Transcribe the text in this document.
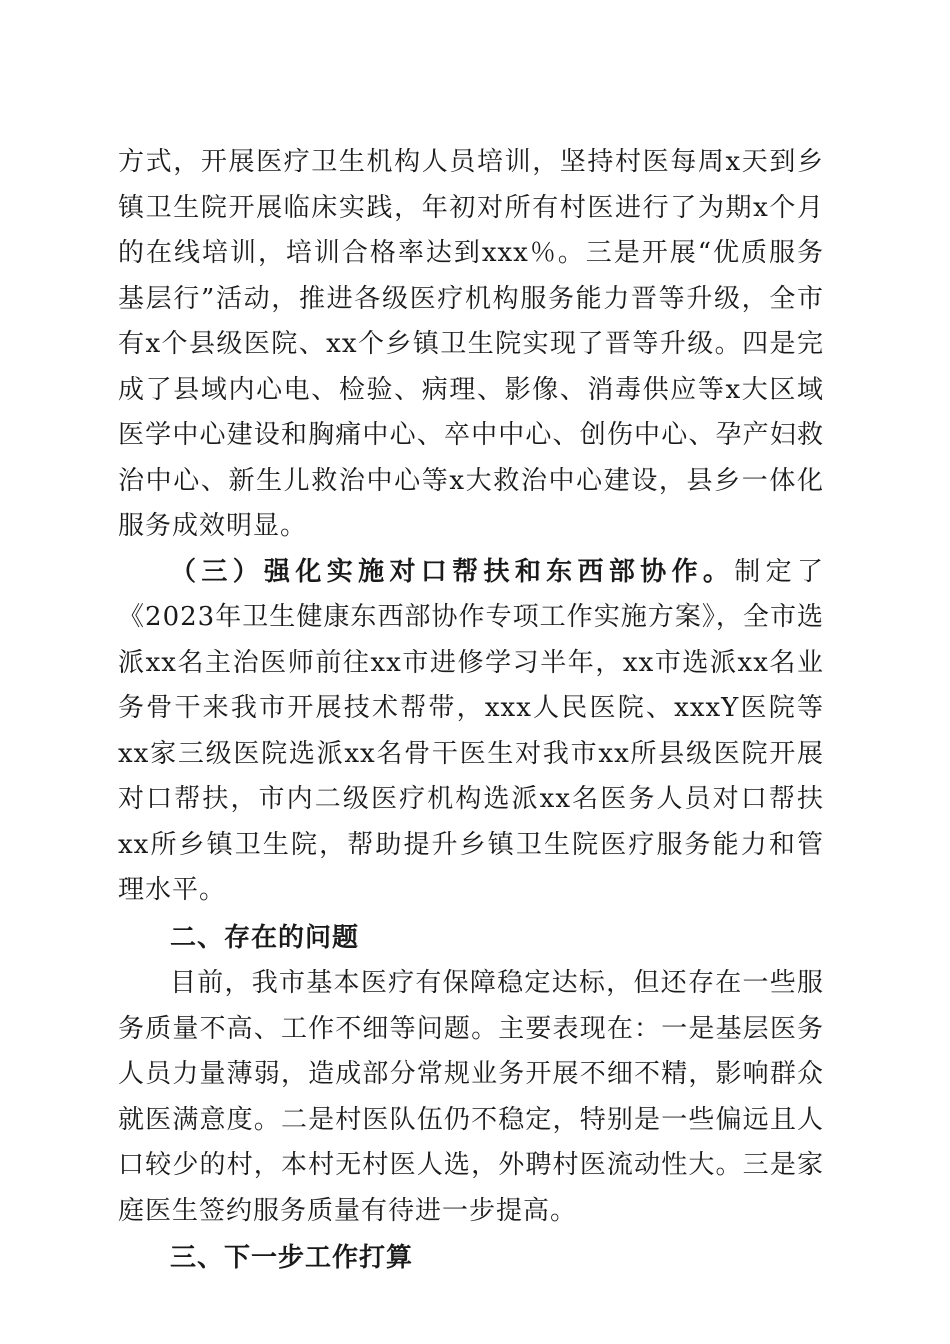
方式，开展医疗卫生机构人员培训，坚持村医每周x天到乡镇卫生院开展临床实践，年初对所有村医进行了为期x个月的在线培训，培训合格率达到xxx％。三是开展“优质服务基层行”活动，推进各级医疗机构服务能力晋等升级，全市有x个县级医院、xx个乡镇卫生院实现了晋等升级。四是完成了县域内心电、检验、病理、影像、消毒供应等x大区域医学中心建设和胸痛中心、卒中中心、创伤中心、孕产妇救治中心、新生儿救治中心等x大救治中心建设，县乡一体化服务成效明显。

（三）强化实施对口帮扶和东西部协作。制定了《2023年卫生健康东西部协作专项工作实施方案》，全市选派xx名主治医师前往xx市进修学习半年，xx市选派xx名业务骨干来我市开展技术帮带，xxx人民医院、xxxY医院等xx家三级医院选派xx名骨干医生对我市xx所县级医院开展对口帮扶，市内二级医疗机构选派xx名医务人员对口帮扶xx所乡镇卫生院，帮助提升乡镇卫生院医疗服务能力和管理水平。

二、存在的问题

目前，我市基本医疗有保障稳定达标，但还存在一些服务质量不高、工作不细等问题。主要表现在：一是基层医务人员力量薄弱，造成部分常规业务开展不细不精，影响群众就医满意度。二是村医队伍仍不稳定，特别是一些偏远且人口较少的村，本村无村医人选，外聘村医流动性大。三是家庭医生签约服务质量有待进一步提高。

三、下一步工作打算
